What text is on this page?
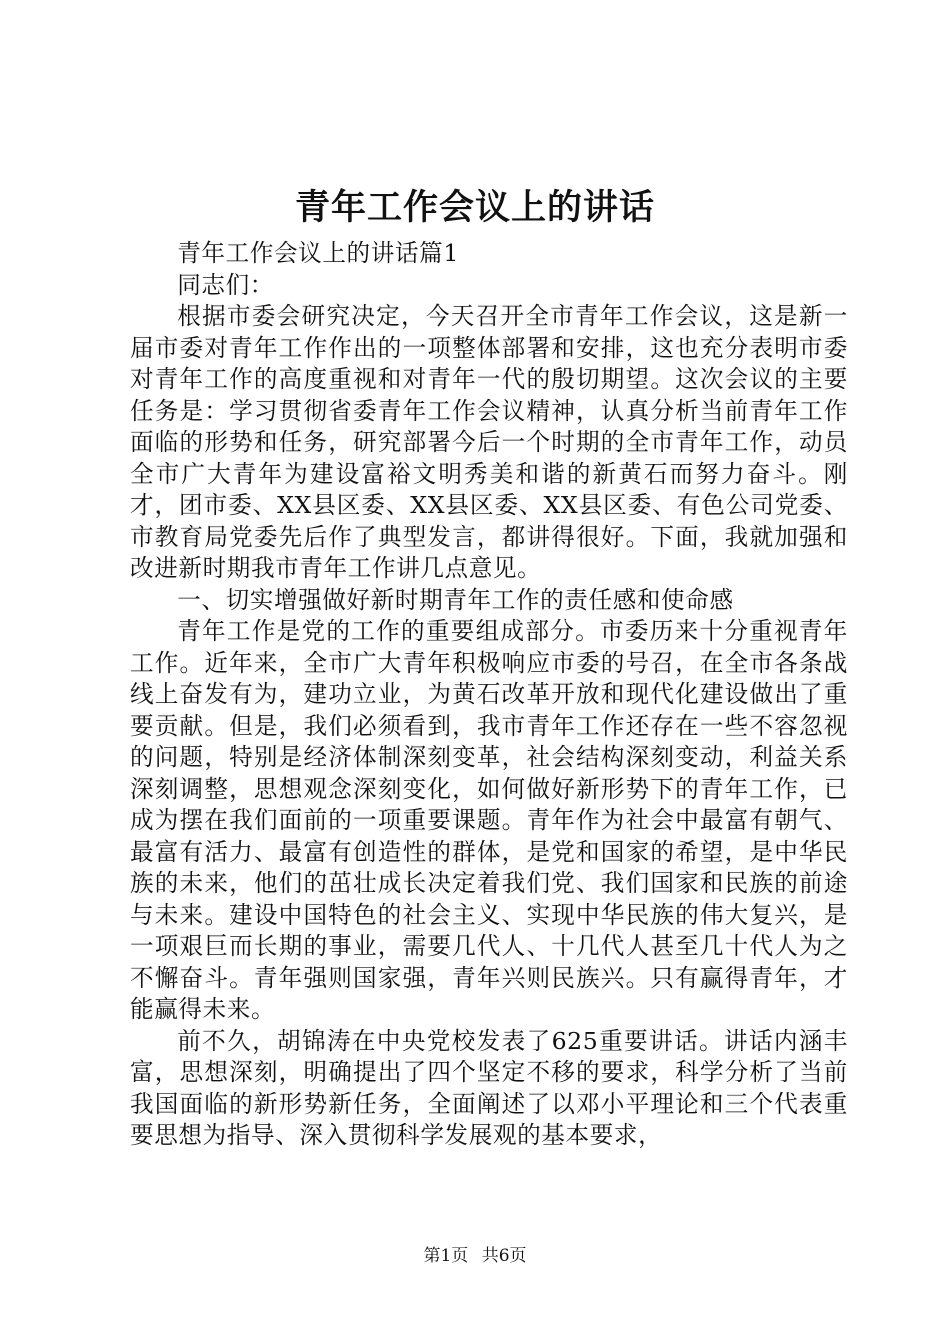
青年工作会议上的讲话

青年工作会议上的讲话篇1

同志们：

根据市委会研究决定，今天召开全市青年工作会议，这是新一届市委对青年工作作出的一项整体部署和安排，这也充分表明市委对青年工作的高度重视和对青年一代的殷切期望。这次会议的主要任务是：学习贯彻省委青年工作会议精神，认真分析当前青年工作面临的形势和任务，研究部署今后一个时期的全市青年工作，动员全市广大青年为建设富裕文明秀美和谐的新黄石而努力奋斗。刚才，团市委、XX县区委、XX县区委、XX县区委、有色公司党委、市教育局党委先后作了典型发言，都讲得很好。下面，我就加强和改进新时期我市青年工作讲几点意见。

一、切实增强做好新时期青年工作的责任感和使命感

青年工作是党的工作的重要组成部分。市委历来十分重视青年工作。近年来，全市广大青年积极响应市委的号召，在全市各条战线上奋发有为，建功立业，为黄石改革开放和现代化建设做出了重要贡献。但是，我们必须看到，我市青年工作还存在一些不容忽视的问题，特别是经济体制深刻变革，社会结构深刻变动，利益关系深刻调整，思想观念深刻变化，如何做好新形势下的青年工作，已成为摆在我们面前的一项重要课题。青年作为社会中最富有朝气、最富有活力、最富有创造性的群体，是党和国家的希望，是中华民族的未来，他们的茁壮成长决定着我们党、我们国家和民族的前途与未来。建设中国特色的社会主义、实现中华民族的伟大复兴，是一项艰巨而长期的事业，需要几代人、十几代人甚至几十代人为之不懈奋斗。青年强则国家强，青年兴则民族兴。只有赢得青年，才能赢得未来。

前不久，胡锦涛在中央党校发表了625重要讲话。讲话内涵丰富，思想深刻，明确提出了四个坚定不移的要求，科学分析了当前我国面临的新形势新任务，全面阐述了以邓小平理论和三个代表重要思想为指导、深入贯彻科学发展观的基本要求，

第1页 共6页
